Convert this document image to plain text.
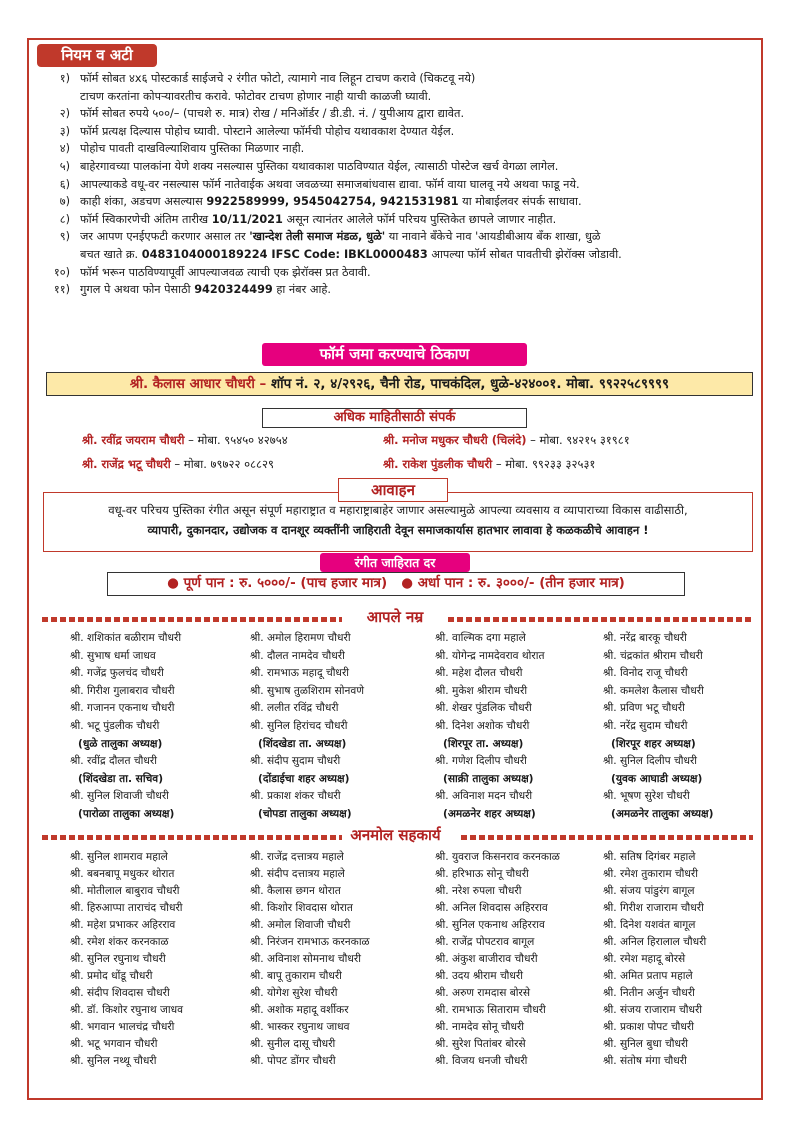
नियम व अटी
१) फॉर्म सोबत ४x६ पोस्टकार्ड साईजचे २ रंगीत फोटो, त्यामागे नाव लिहून टाचण करावे (चिकटवू नये)
टाचण करतांना कोपऱ्यावरतीच करावे. फोटोवर टाचण होणार नाही याची काळजी घ्यावी.
२) फॉर्म सोबत रुपये ५००/– (पाचशे रु. मात्र) रोख / मनिऑर्डर / डी.डी. नं. / युपीआय द्वारा द्यावेत.
३) फॉर्म प्रत्यक्ष दिल्यास पोहोच घ्यावी. पोस्टाने आलेल्या फॉर्मची पोहोच यथावकाश देण्यात येईल.
४) पोहोच पावती दाखविल्याशिवाय पुस्तिका मिळणार नाही.
५) बाहेरगावच्या पालकांना येणे शक्य नसल्यास पुस्तिका यथावकाश पाठविण्यात येईल, त्यासाठी पोस्टेज खर्च वेगळा लागेल.
६) आपल्याकडे वधू-वर नसल्यास फॉर्म नातेवाईक अथवा जवळच्या समाजबांधवास द्यावा. फॉर्म वाया घालवू नये अथवा फाडू नये.
७) काही शंका, अडचण असल्यास 9922589999, 9545042754, 9421531981 या मोबाईलवर संपर्क साधावा.
८) फॉर्म स्विकारणेची अंतिम तारीख 10/11/2021 असून त्यानंतर आलेले फॉर्म परिचय पुस्तिकेत छापले जाणार नाहीत.
९) जर आपण एनईएफटी करणार असाल तर 'खान्देश तेली समाज मंडळ, धुळे' या नावाने बँकेचे नाव 'आयडीबीआय बँक शाखा, धुळे
बचत खाते क्र. 0483104000189224 IFSC Code: IBKL0000483 आपल्या फॉर्म सोबत पावतीची झेरॉक्स जोडावी.
१०) फॉर्म भरून पाठविण्यापूर्वी आपल्याजवळ त्याची एक झेरॉक्स प्रत ठेवावी.
११) गुगल पे अथवा फोन पेसाठी 9420324499 हा नंबर आहे.
फॉर्म जमा करण्याचे ठिकाण
श्री. कैलास आधार चौधरी – शॉप नं. २, ४/२९२६, चैनी रोड, पाचकंदिल, धुळे-४२४००१. मोबा. ९९२२५८९९९९
अधिक माहितीसाठी संपर्क
श्री. रवींद्र जयराम चौधरी – मोबा. ९५४५० ४२७५४
श्री. राजेंद्र भटू चौधरी – मोबा. ७९७२२ ०८८२९
श्री. मनोज मधुकर चौधरी (चिलंदे) – मोबा. ९४२१५ ३१९८१
श्री. राकेश पुंडलीक चौधरी – मोबा. ९९२३३ ३२५३१
आवाहन
वधू-वर परिचय पुस्तिका रंगीत असून संपूर्ण महाराष्ट्रात व महाराष्ट्राबाहेर जाणार असल्यामुळे आपल्या व्यवसाय व व्यापाराच्या विकास वाढीसाठी,
व्यापारी, दुकानदार, उद्योजक व दानशूर व्यक्तींनी जाहिराती देवून समाजकार्यास हातभार लावावा हे कळकळीचे आवाहन !
रंगीत जाहिरात दर
● पूर्ण पान : रु. ५०००/- (पाच हजार मात्र) ● अर्धा पान : रु. ३०००/- (तीन हजार मात्र)
आपले नम्र
श्री. शशिकांत बळीराम चौधरी	श्री. अमोल हिरामण चौधरी	श्री. वाल्मिक दगा महाले	श्री. नरेंद्र बारकू चौधरी
श्री. सुभाष धर्मा जाधव	श्री. दौलत नामदेव चौधरी	श्री. योगेन्द्र नामदेवराव थोरात	श्री. चंद्रकांत श्रीराम चौधरी
श्री. गजेंद्र फुलचंद चौधरी	श्री. रामभाऊ महादू चौधरी	श्री. महेश दौलत चौधरी	श्री. विनोद राजू चौधरी
श्री. गिरीश गुलाबराव चौधरी	श्री. सुभाष तुळशिराम सोनवणे	श्री. मुकेश श्रीराम चौधरी	श्री. कमलेश कैलास चौधरी
श्री. गजानन एकनाथ चौधरी	श्री. ललीत रविंद्र चौधरी	श्री. शेखर पुंडलिक चौधरी	श्री. प्रविण भटू चौधरी
श्री. भटू पुंडलीक चौधरी	श्री. सुनिल हिरांचद चौधरी	श्री. दिनेश अशोक चौधरी	श्री. नरेंद्र सुदाम चौधरी
(धुळे तालुका अध्यक्ष)	(शिंदखेडा ता. अध्यक्ष)	(शिरपूर ता. अध्यक्ष)	(शिरपूर शहर अध्यक्ष)
श्री. रवींद्र दौलत चौधरी	श्री. संदीप सुदाम चौधरी	श्री. गणेश दिलीप चौधरी	श्री. सुनिल दिलीप चौधरी
(शिंदखेडा ता. सचिव)	(दोंडाईचा शहर अध्यक्ष)	(साक्री तालुका अध्यक्ष)	(युवक आघाडी अध्यक्ष)
श्री. सुनिल शिवाजी चौधरी	श्री. प्रकाश शंकर चौधरी	श्री. अविनाश मदन चौधरी	श्री. भूषण सुरेश चौधरी
(पारोळा तालुका अध्यक्ष)	(चोपडा तालुका अध्यक्ष)	(अमळनेर शहर अध्यक्ष)	(अमळनेर तालुका अध्यक्ष)
अनमोल सहकार्य
श्री. सुनिल शामराव महाले	श्री. राजेंद्र दत्तात्रय महाले	श्री. युवराज किसनराव करनकाळ	श्री. सतिष दिगंबर महाले
श्री. बबनबापू मधुकर थोरात	श्री. संदीप दत्तात्रय महाले	श्री. हरिभाऊ सोनू चौधरी	श्री. रमेश तुकाराम चौधरी
श्री. मोतीलाल बाबुराव चौधरी	श्री. कैलास छगन थोरात	श्री. नरेश रुपला चौधरी	श्री. संजय पांडुरंग बागूल
श्री. हिरुआप्पा ताराचंद चौधरी	श्री. किशोर शिवदास थोरात	श्री. अनिल शिवदास अहिरराव	श्री. गिरीश राजाराम चौधरी
श्री. महेश प्रभाकर अहिरराव	श्री. अमोल शिवाजी चौधरी	श्री. सुनिल एकनाथ अहिरराव	श्री. दिनेश यशवंत बागूल
श्री. रमेश शंकर करनकाळ	श्री. निरंजन रामभाऊ करनकाळ	श्री. राजेंद्र पोपटराव बागूल	श्री. अनिल हिरालाल चौधरी
श्री. सुनिल रघुनाथ चौधरी	श्री. अविनाश सोमनाथ चौधरी	श्री. अंकुश बाजीराव चौधरी	श्री. रमेश महादू बोरसे
श्री. प्रमोद धोंडू चौधरी	श्री. बापू तुकाराम चौधरी	श्री. उदय श्रीराम चौधरी	श्री. अमित प्रताप महाले
श्री. संदीप शिवदास चौधरी	श्री. योगेश सुरेश चौधरी	श्री. अरुण रामदास बोरसे	श्री. नितीन अर्जुन चौधरी
श्री. डॉ. किशोर रघुनाथ जाधव	श्री. अशोक महादू वर्शीकर	श्री. रामभाऊ सिताराम चौधरी	श्री. संजय राजाराम चौधरी
श्री. भगवान भालचंद्र चौधरी	श्री. भास्कर रघुनाथ जाधव	श्री. नामदेव सोनू चौधरी	श्री. प्रकाश पोपट चौधरी
श्री. भटू भगवान चौधरी	श्री. सुनील दासू चौधरी	श्री. सुरेश पितांबर बोरसे	श्री. सुनिल बुधा चौधरी
श्री. सुनिल नथ्थू चौधरी	श्री. पोपट डोंगर चौधरी	श्री. विजय धनजी चौधरी	श्री. संतोष मंगा चौधरी
